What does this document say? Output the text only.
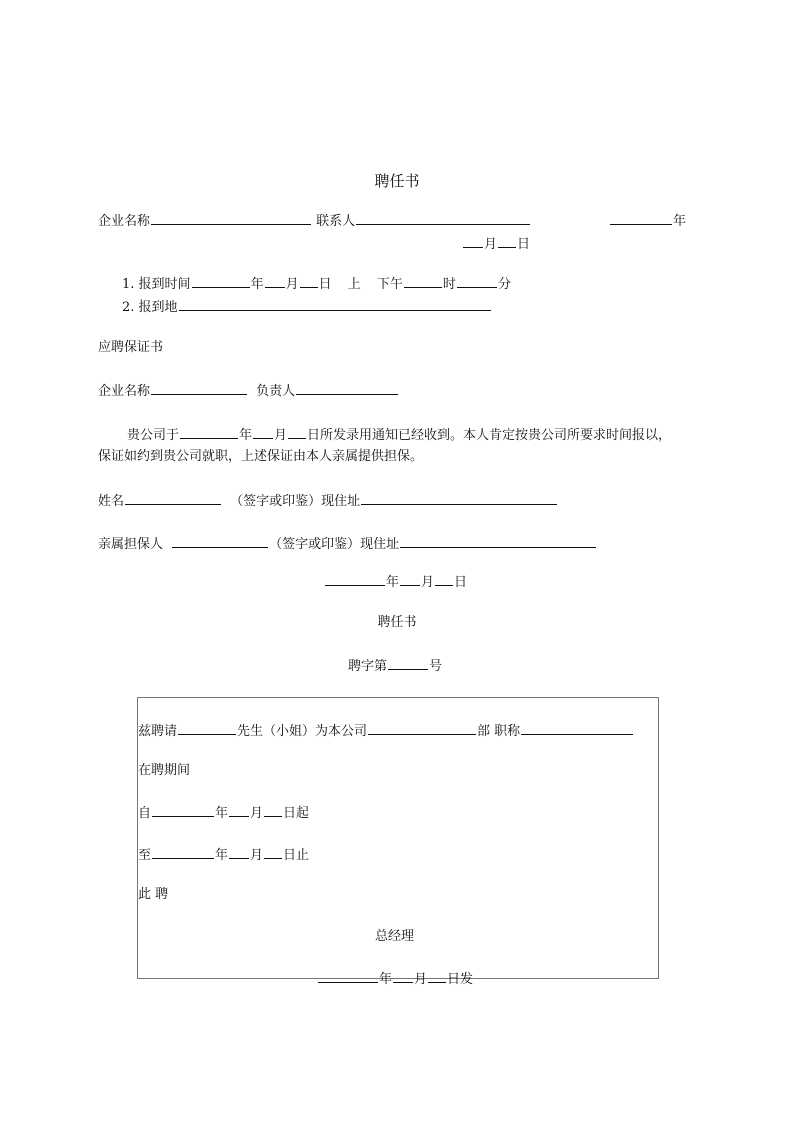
聘任书
企业名称	联系人	年
月 日
1. 报到时间	年 月 日 上 下午	时	分
2. 报到地
应聘保证书
企业名称	负责人
贵公司于	年 月 日所发录用通知已经收到。本人肯定按贵公司所要求时间报以，
保证如约到贵公司就职，上述保证由本人亲属提供担保。
姓名	（签字或印鉴）现住址
亲属担保人	（签字或印鉴）现住址
年 月 日
聘任书
聘字第	号
兹聘请	先生（小姐）为本公司	部 职称
在聘期间
自	年 月 日起
至	年 月 日止
此 聘
总经理
年 月 日发
